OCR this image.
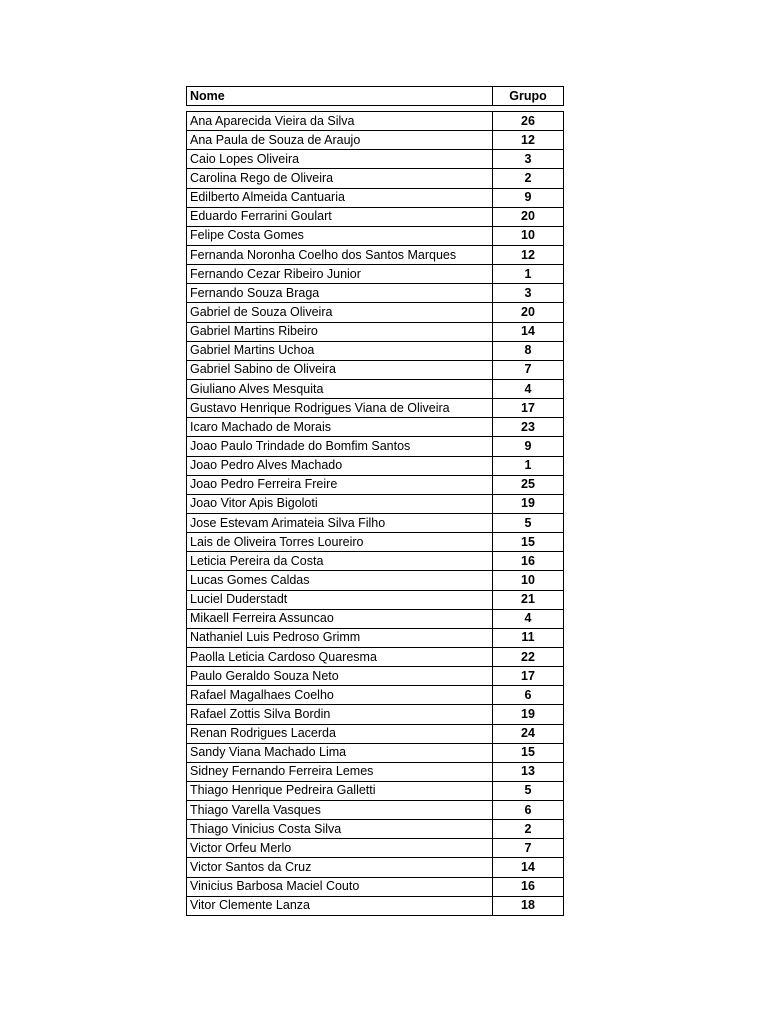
Nome	Grupo
Ana Aparecida Vieira da Silva	26
Ana Paula de Souza de Araujo	12
Caio Lopes Oliveira	3
Carolina Rego de Oliveira	2
Edilberto Almeida Cantuaria	9
Eduardo Ferrarini Goulart	20
Felipe Costa Gomes	10
Fernanda Noronha Coelho dos Santos Marques	12
Fernando Cezar Ribeiro Junior	1
Fernando Souza Braga	3
Gabriel de Souza Oliveira	20
Gabriel Martins Ribeiro	14
Gabriel Martins Uchoa	8
Gabriel Sabino de Oliveira	7
Giuliano Alves Mesquita	4
Gustavo Henrique Rodrigues Viana de Oliveira	17
Icaro Machado de Morais	23
Joao Paulo Trindade do Bomfim Santos	9
Joao Pedro Alves Machado	1
Joao Pedro Ferreira Freire	25
Joao Vitor Apis Bigoloti	19
Jose Estevam Arimateia Silva Filho	5
Lais de Oliveira Torres Loureiro	15
Leticia Pereira da Costa	16
Lucas Gomes Caldas	10
Luciel Duderstadt	21
Mikaell Ferreira Assuncao	4
Nathaniel Luis Pedroso Grimm	11
Paolla Leticia Cardoso Quaresma	22
Paulo Geraldo Souza Neto	17
Rafael Magalhaes Coelho	6
Rafael Zottis Silva Bordin	19
Renan Rodrigues Lacerda	24
Sandy Viana Machado Lima	15
Sidney Fernando Ferreira Lemes	13
Thiago Henrique Pedreira Galletti	5
Thiago Varella Vasques	6
Thiago Vinicius Costa Silva	2
Victor Orfeu Merlo	7
Victor Santos da Cruz	14
Vinicius Barbosa Maciel Couto	16
Vitor Clemente Lanza	18
